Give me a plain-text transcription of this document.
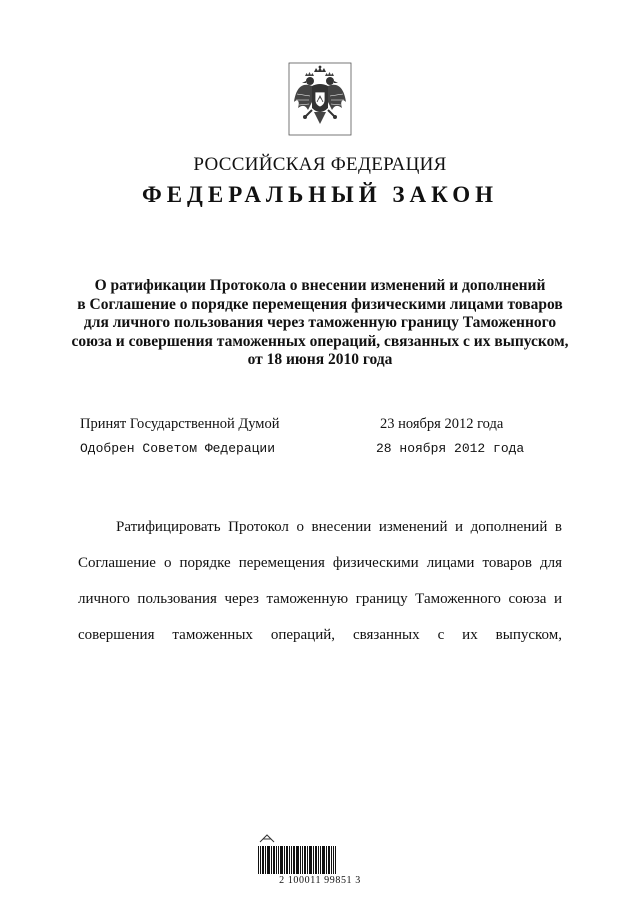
РОССИЙСКАЯ ФЕДЕРАЦИЯ
ФЕДЕРАЛЬНЫЙ ЗАКОН
О ратификации Протокола о внесении изменений и дополнений
в Соглашение о порядке перемещения физическими лицами товаров
для личного пользования через таможенную границу Таможенного
союза и совершения таможенных операций, связанных с их выпуском,
от 18 июня 2010 года
Принят Государственной Думой	23 ноября 2012 года
Одобрен Советом Федерации	28 ноября 2012 года
Ратифицировать Протокол о внесении изменений и дополнений в
Соглашение о порядке перемещения физическими лицами товаров для
личного пользования через таможенную границу Таможенного союза и
совершения таможенных операций, связанных с их выпуском,
2 100011 99851 3
